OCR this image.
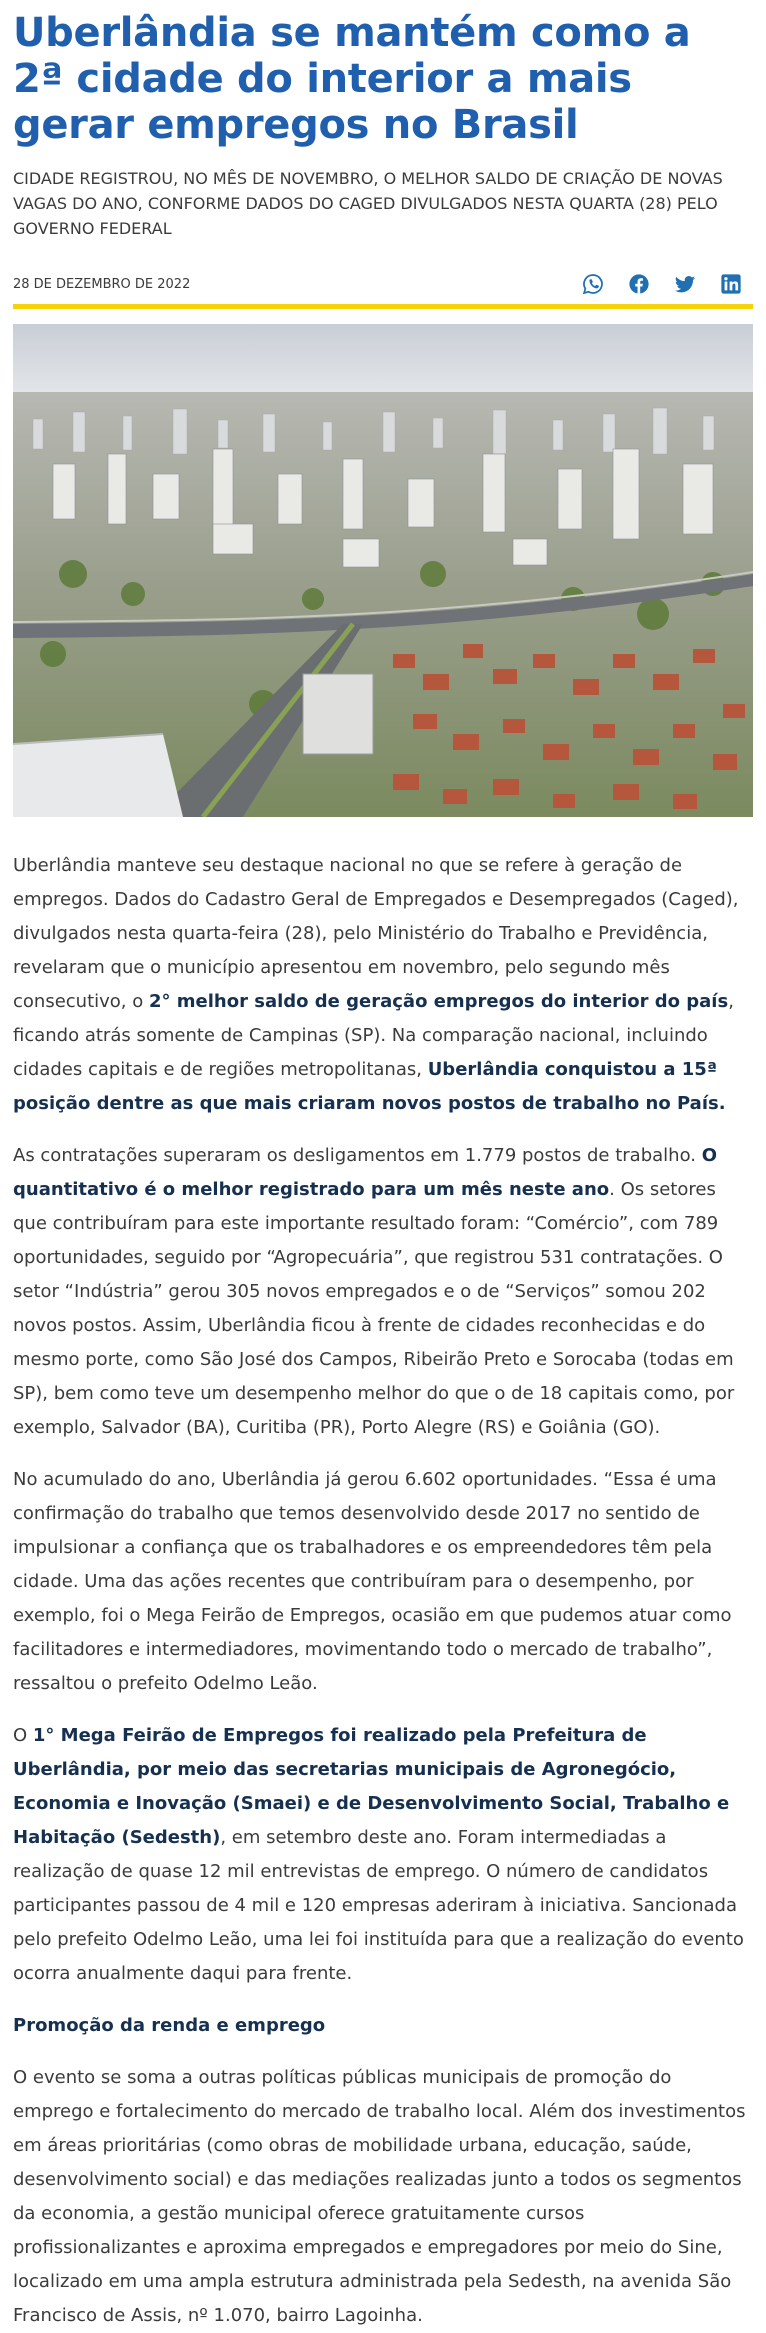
Uberlândia se mantém como a 2ª cidade do interior a mais gerar empregos no Brasil
CIDADE REGISTROU, NO MÊS DE NOVEMBRO, O MELHOR SALDO DE CRIAÇÃO DE NOVAS VAGAS DO ANO, CONFORME DADOS DO CAGED DIVULGADOS NESTA QUARTA (28) PELO GOVERNO FEDERAL
28 DE DEZEMBRO DE 2022

Uberlândia manteve seu destaque nacional no que se refere à geração de empregos. Dados do Cadastro Geral de Empregados e Desempregados (Caged), divulgados nesta quarta-feira (28), pelo Ministério do Trabalho e Previdência, revelaram que o município apresentou em novembro, pelo segundo mês consecutivo, o 2° melhor saldo de geração empregos do interior do país, ficando atrás somente de Campinas (SP). Na comparação nacional, incluindo cidades capitais e de regiões metropolitanas, Uberlândia conquistou a 15ª posição dentre as que mais criaram novos postos de trabalho no País.

As contratações superaram os desligamentos em 1.779 postos de trabalho. O quantitativo é o melhor registrado para um mês neste ano. Os setores que contribuíram para este importante resultado foram: “Comércio”, com 789 oportunidades, seguido por “Agropecuária”, que registrou 531 contratações. O setor “Indústria” gerou 305 novos empregados e o de “Serviços” somou 202 novos postos. Assim, Uberlândia ficou à frente de cidades reconhecidas e do mesmo porte, como São José dos Campos, Ribeirão Preto e Sorocaba (todas em SP), bem como teve um desempenho melhor do que o de 18 capitais como, por exemplo, Salvador (BA), Curitiba (PR), Porto Alegre (RS) e Goiânia (GO).

No acumulado do ano, Uberlândia já gerou 6.602 oportunidades. “Essa é uma confirmação do trabalho que temos desenvolvido desde 2017 no sentido de impulsionar a confiança que os trabalhadores e os empreendedores têm pela cidade. Uma das ações recentes que contribuíram para o desempenho, por exemplo, foi o Mega Feirão de Empregos, ocasião em que pudemos atuar como facilitadores e intermediadores, movimentando todo o mercado de trabalho”, ressaltou o prefeito Odelmo Leão.

O 1° Mega Feirão de Empregos foi realizado pela Prefeitura de Uberlândia, por meio das secretarias municipais de Agronegócio, Economia e Inovação (Smaei) e de Desenvolvimento Social, Trabalho e Habitação (Sedesth), em setembro deste ano. Foram intermediadas a realização de quase 12 mil entrevistas de emprego. O número de candidatos participantes passou de 4 mil e 120 empresas aderiram à iniciativa. Sancionada pelo prefeito Odelmo Leão, uma lei foi instituída para que a realização do evento ocorra anualmente daqui para frente.

Promoção da renda e emprego

O evento se soma a outras políticas públicas municipais de promoção do emprego e fortalecimento do mercado de trabalho local. Além dos investimentos em áreas prioritárias (como obras de mobilidade urbana, educação, saúde, desenvolvimento social) e das mediações realizadas junto a todos os segmentos da economia, a gestão municipal oferece gratuitamente cursos profissionalizantes e aproxima empregados e empregadores por meio do Sine, localizado em uma ampla estrutura administrada pela Sedesth, na avenida São Francisco de Assis, nº 1.070, bairro Lagoinha.
